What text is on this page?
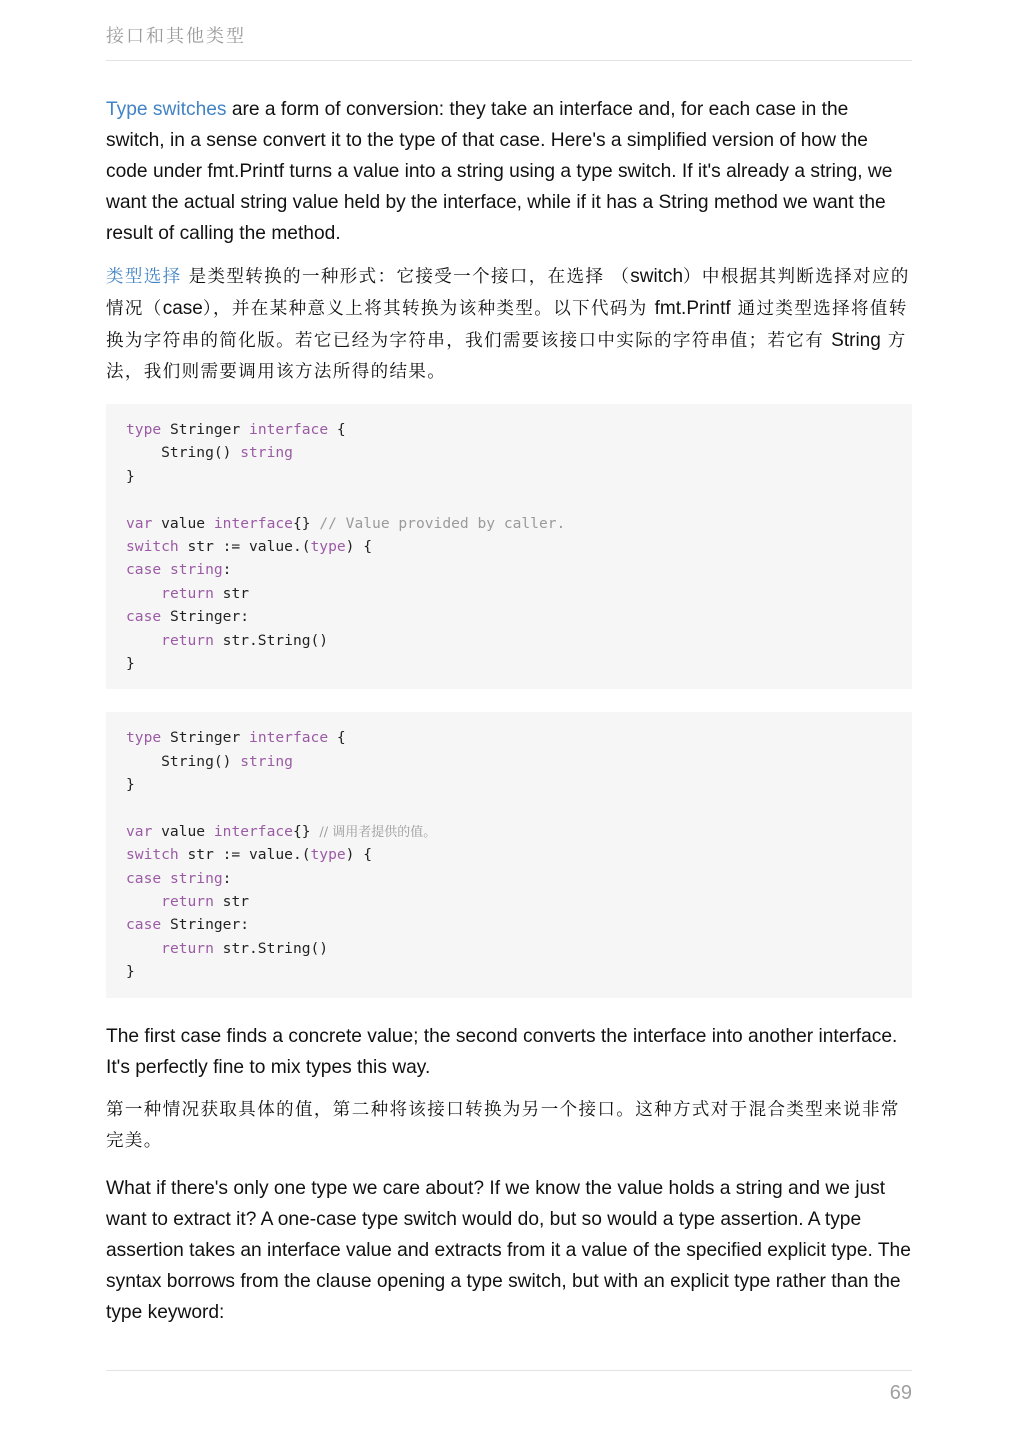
接口和其他类型

Type switches are a form of conversion: they take an interface and, for each case in the switch, in a sense convert it to the type of that case. Here's a simplified version of how the code under fmt.Printf turns a value into a string using a type switch. If it's already a string, we want the actual string value held by the interface, while if it has a String method we want the result of calling the method.

类型选择 是类型转换的一种形式：它接受一个接口，在选择 （switch）中根据其判断选择对应的情况（case），并在某种意义上将其转换为该种类型。以下代码为 fmt.Printf 通过类型选择将值转换为字符串的简化版。若它已经为字符串，我们需要该接口中实际的字符串值；若它有 String 方法，我们则需要调用该方法所得的结果。

type Stringer interface {
String() string
}
var value interface{} // Value provided by caller.
switch str := value.(type) {
case string:
return str
case Stringer:
return str.String()
}
type Stringer interface {
String() string
}
var value interface{} // 调用者提供的值。
switch str := value.(type) {
case string:
return str
case Stringer:
return str.String()
}

The first case finds a concrete value; the second converts the interface into another interface. It's perfectly fine to mix types this way.

第一种情况获取具体的值，第二种将该接口转换为另一个接口。这种方式对于混合类型来说非常完美。

What if there's only one type we care about? If we know the value holds a string and we just want to extract it? A one-case type switch would do, but so would a type assertion. A type assertion takes an interface value and extracts from it a value of the specified explicit type. The syntax borrows from the clause opening a type switch, but with an explicit type rather than the type keyword:

69
